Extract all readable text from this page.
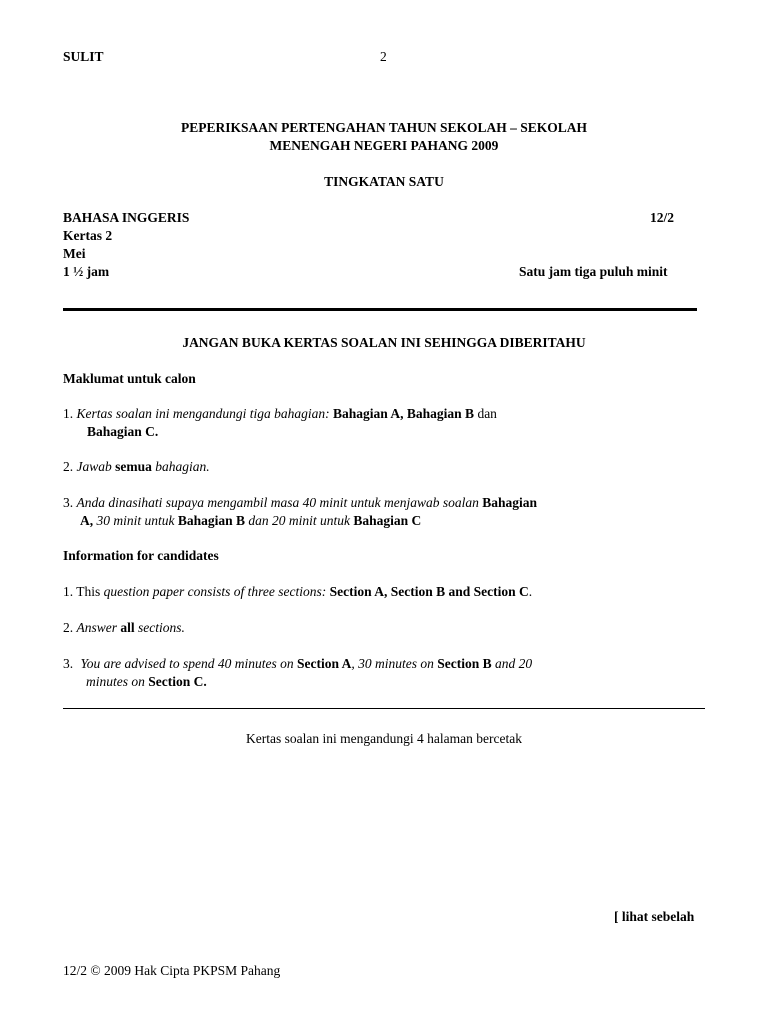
SULIT	2
PEPERIKSAAN PERTENGAHAN TAHUN SEKOLAH – SEKOLAH
MENENGAH NEGERI PAHANG 2009
TINGKATAN SATU
BAHASA INGGERIS	12/2
Kertas 2
Mei
1 ½ jam	Satu jam tiga puluh minit
JANGAN BUKA KERTAS SOALAN INI SEHINGGA DIBERITAHU
Maklumat untuk calon
1. Kertas soalan ini mengandungi tiga bahagian: Bahagian A, Bahagian B dan
Bahagian C.
2. Jawab semua bahagian.
3. Anda dinasihati supaya mengambil masa 40 minit untuk menjawab soalan Bahagian
A, 30 minit untuk Bahagian B dan 20 minit untuk Bahagian C
Information for candidates
1. This question paper consists of three sections: Section A, Section B and Section C.
2. Answer all sections.
3. You are advised to spend 40 minutes on Section A, 30 minutes on Section B and 20
minutes on Section C.
Kertas soalan ini mengandungi 4 halaman bercetak
[ lihat sebelah
12/2 © 2009 Hak Cipta PKPSM Pahang
